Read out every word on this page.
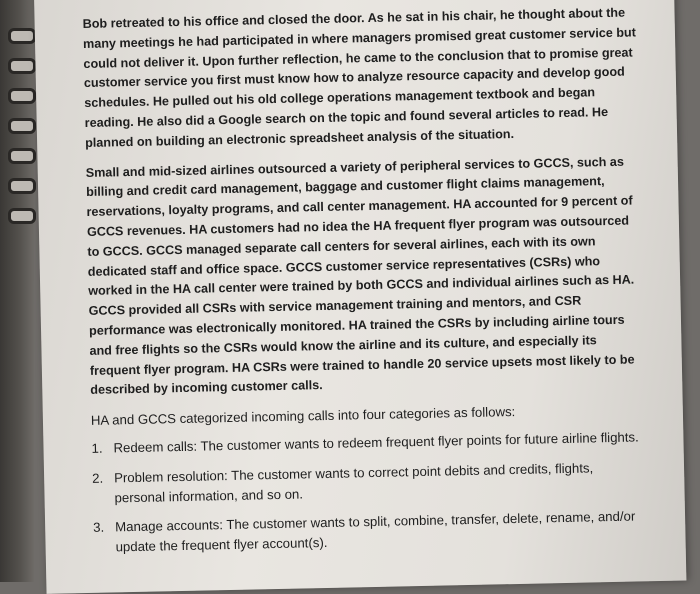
Bob retreated to his office and closed the door. As he sat in his chair, he thought about the many meetings he had participated in where managers promised great customer service but could not deliver it. Upon further reflection, he came to the conclusion that to promise great customer service you first must know how to analyze resource capacity and develop good schedules. He pulled out his old college operations management textbook and began reading. He also did a Google search on the topic and found several articles to read. He planned on building an electronic spreadsheet analysis of the situation.

Small and mid-sized airlines outsourced a variety of peripheral services to GCCS, such as billing and credit card management, baggage and customer flight claims management, reservations, loyalty programs, and call center management. HA accounted for 9 percent of GCCS revenues. HA customers had no idea the HA frequent flyer program was outsourced to GCCS. GCCS managed separate call centers for several airlines, each with its own dedicated staff and office space. GCCS customer service representatives (CSRs) who worked in the HA call center were trained by both GCCS and individual airlines such as HA. GCCS provided all CSRs with service management training and mentors, and CSR performance was electronically monitored. HA trained the CSRs by including airline tours and free flights so the CSRs would know the airline and its culture, and especially its frequent flyer program. HA CSRs were trained to handle 20 service upsets most likely to be described by incoming customer calls.

HA and GCCS categorized incoming calls into four categories as follows:

1. Redeem calls: The customer wants to redeem frequent flyer points for future airline flights.
2. Problem resolution: The customer wants to correct point debits and credits, flights, personal information, and so on.
3. Manage accounts: The customer wants to split, combine, transfer, delete, rename, and/or update the frequent flyer account(s).
